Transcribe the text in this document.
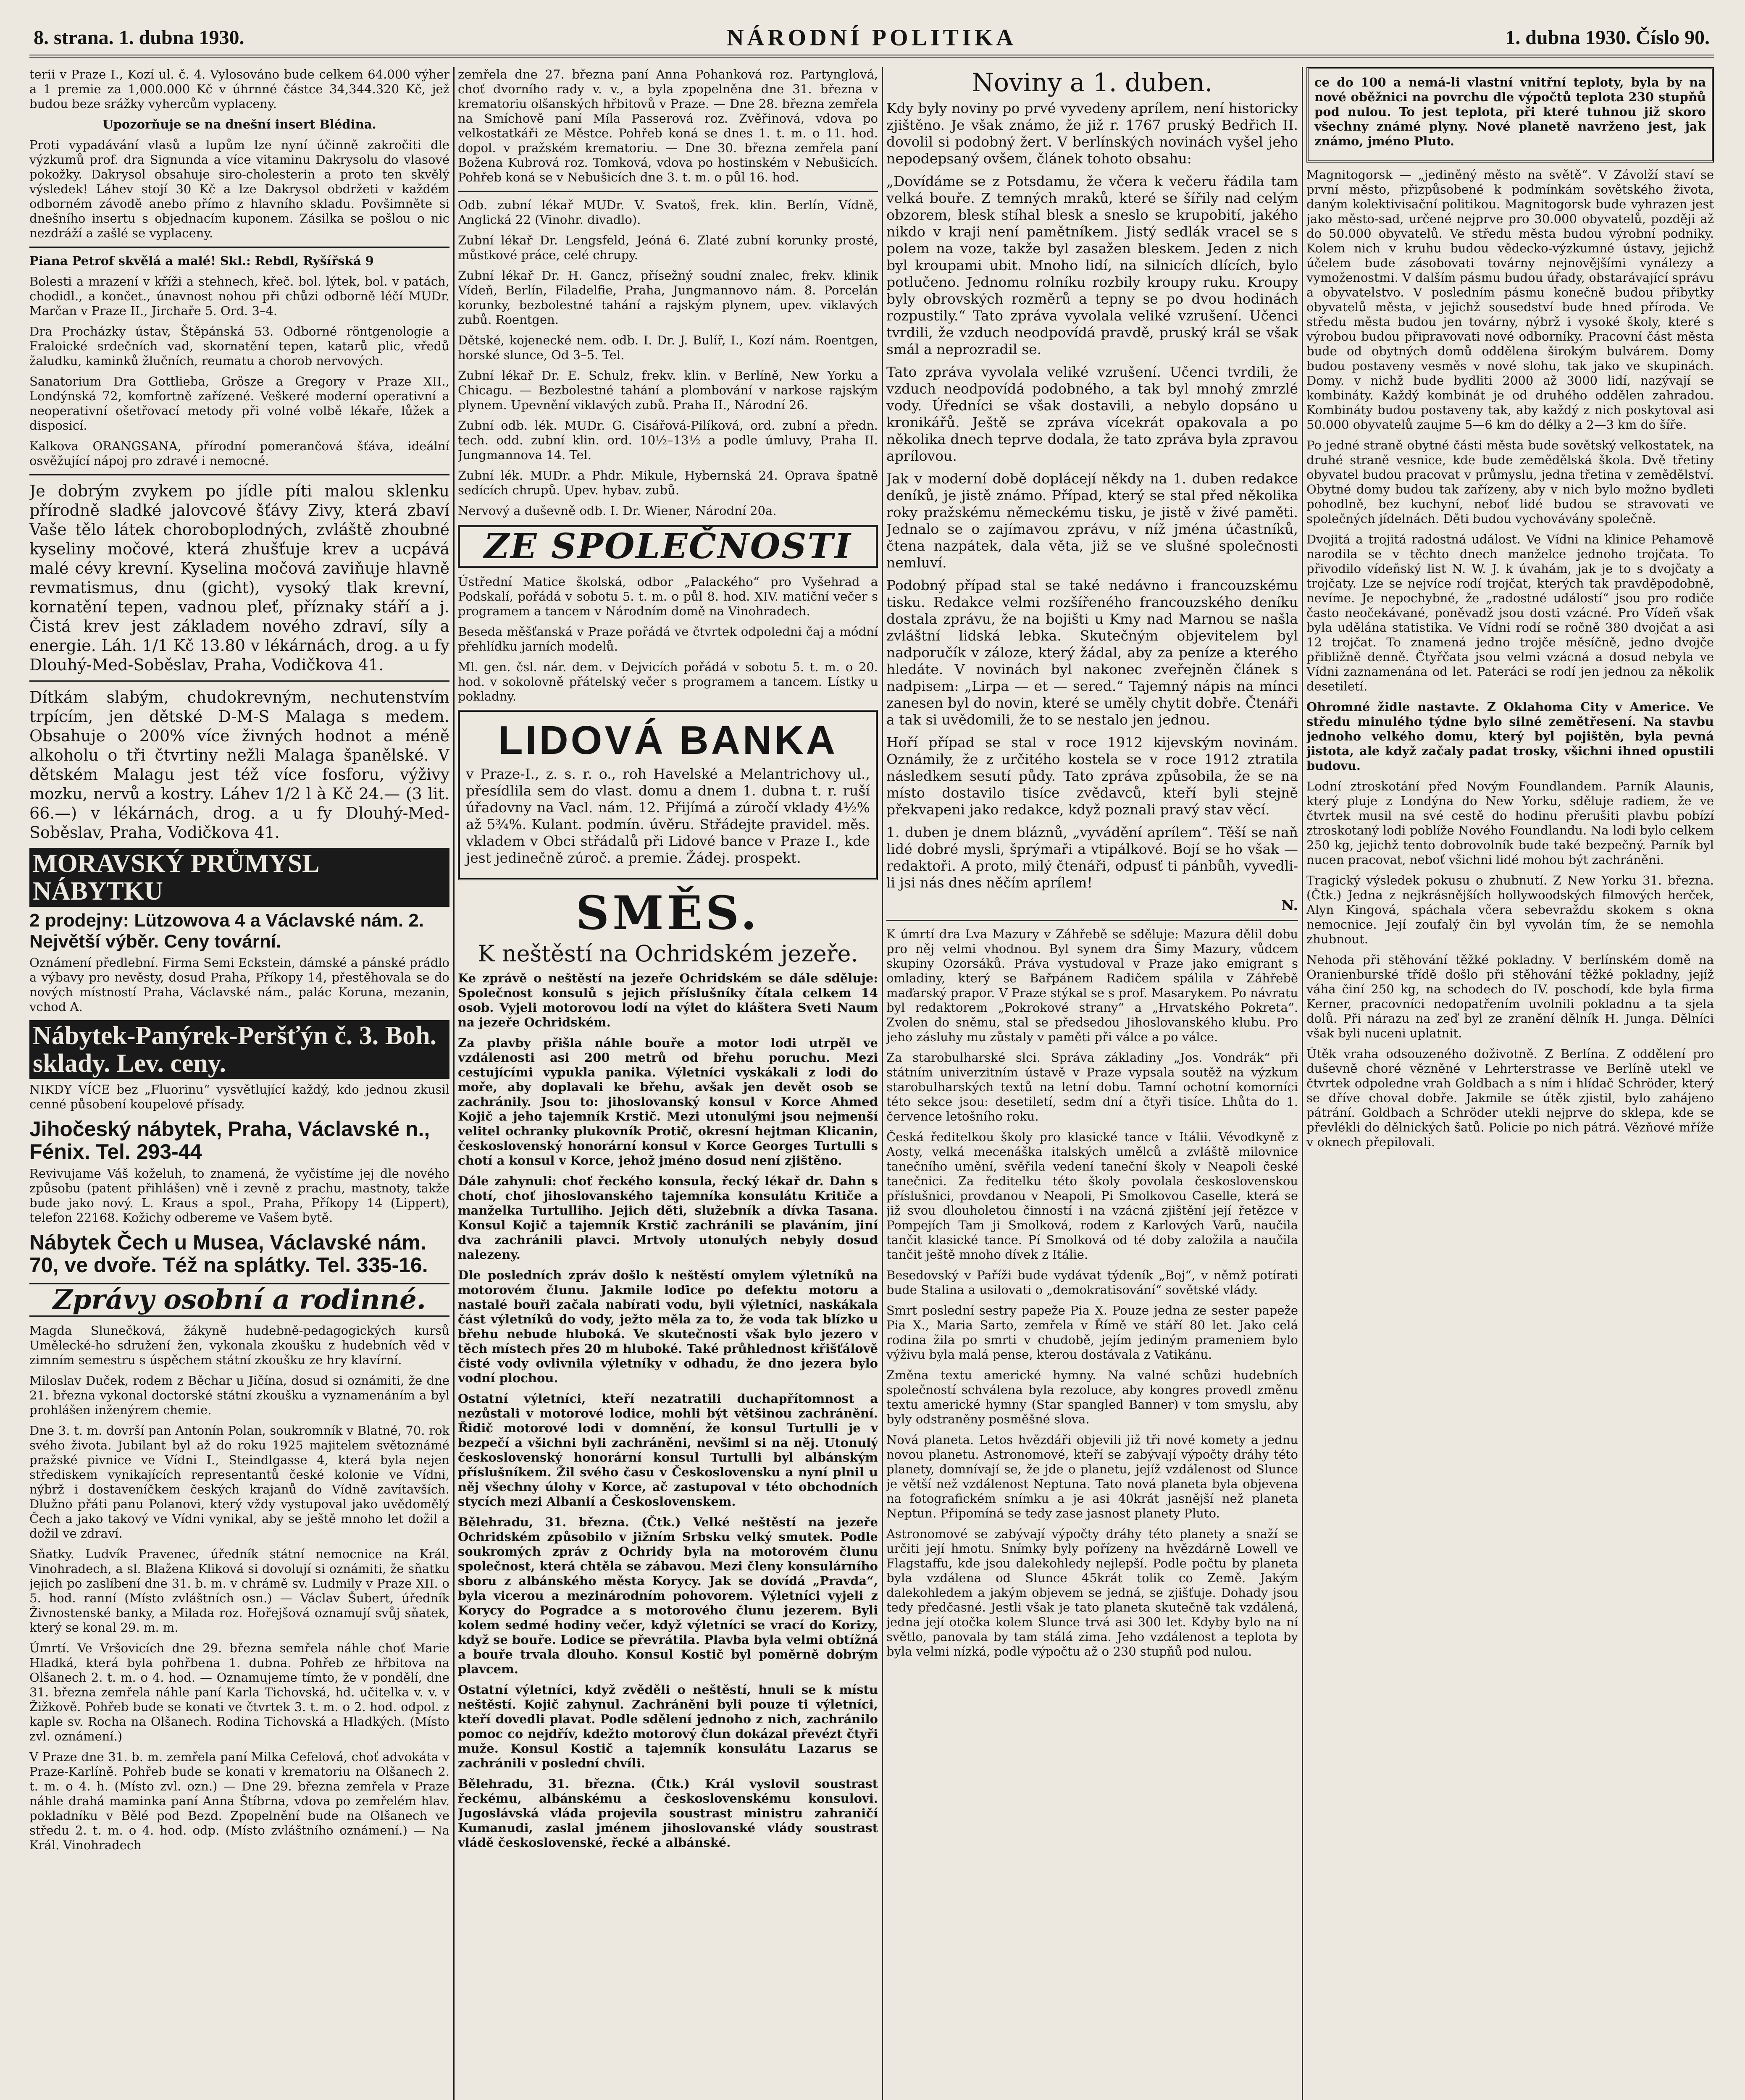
8. strana. 1. dubna 1930.	NÁRODNÍ POLITIKA	1. dubna 1930. Číslo 90.

terii v Praze I., Kozí ul. č. 4. Vylosováno bude celkem 64.000 výher a 1 premie za 1,000.000 Kč v úhrnné částce 34,344.320 Kč, jež budou beze srážky vyhercům vyplaceny.

Upozorňuje se na dnešní insert Blédina.

Proti vypadávání vlasů a lupům lze nyní účinně zakročiti dle výzkumů prof. dra Signunda a více vitaminu Dakrysolu do vlasové pokožky. Dakrysol obsahuje siro-cholesterin a proto ten skvělý výsledek! Láhev stojí 30 Kč a lze Dakrysol obdržeti v každém odborném závodě anebo přímo z hlavního skladu. Povšimněte si dnešního insertu s objednacím kuponem. Zásilka se pošlou o nic nezdráží a zašlé se vyplaceny.

Piana Petrof skvělá a malé! Skl.: Rebdl, Ryšířská 9

Bolesti a mrazení v kříži a stehnech, křeč. bol. lýtek, bol. v patách, chodidl., a končet., únavnost nohou při chůzi odborně léčí MUDr. Marčan v Praze II., Jirchaře 5. Ord. 3–4.

Dra Procházky ústav, Štěpánská 53. Odborné röntgenologie a Fraloické srdečních vad, skornatění tepen, katarů plic, vředů žaludku, kaminků žlučních, reumatu a chorob nervových.

Sanatorium Dra Gottlieba, Grösze a Gregory v Praze XII., Londýnská 72, komfortně zařízené. Veškeré moderní operativní a neoperativní ošetřovací metody při volné volbě lékaře, lůžek a disposicí.

Kalkova ORANGSANA, přírodní pomerančová šťáva, ideální osvěžující nápoj pro zdravé i nemocné.

Je dobrým zvykem po jídle píti malou sklenku přírodně sladké jalovcové šťávy Zivy, která zbaví Vaše tělo látek choroboplodných, zvláště zhoubné kyseliny močové, která zhušťuje krev a ucpává malé cévy krevní. Kyselina močová zaviňuje hlavně revmatismus, dnu (gicht), vysoký tlak krevní, kornatění tepen, vadnou pleť, příznaky stáří a j. Čistá krev jest základem nového zdraví, síly a energie. Láh. 1/1 Kč 13.80 v lékárnách, drog. a u fy Dlouhý-Med-Soběslav, Praha, Vodičkova 41.

Dítkám slabým, chudokrevným, nechutenstvím trpícím, jen dětské D-M-S Malaga s medem. Obsahuje o 200% více živných hodnot a méně alkoholu o tři čtvrtiny nežli Malaga španělské. V dětském Malagu jest též více fosforu, výživy mozku, nervů a kostry. Láhev 1/2 l à Kč 24.— (3 lit. 66.—) v lékárnách, drog. a u fy Dlouhý-Med-Soběslav, Praha, Vodičkova 41.

MORAVSKÝ PRŮMYSL NÁBYTKU
2 prodejny: Lützowova 4 a Václavské nám. 2. Největší výběr. Ceny tovární.

Oznámení předlební. Firma Semi Eckstein, dámské a pánské prádlo a výbavy pro nevěsty, dosud Praha, Příkopy 14, přestěhovala se do nových místností Praha, Václavské nám., palác Koruna, mezanin, vchod A.

Nábytek-Panýrek-Peršťýn č. 3. Boh. sklady. Lev. ceny.

NIKDY VÍCE bez „Fluorinu“ vysvětlující každý, kdo jednou zkusil cenné působení koupelové přísady.

Jihočeský nábytek, Praha, Václavské n., Fénix. Tel. 293-44

Revivujame Váš koželuh, to znamená, že vyčistíme jej dle nového způsobu (patent přihlášen) vně i zevně z prachu, mastnoty, takže bude jako nový. L. Kraus a spol., Praha, Příkopy 14 (Lippert), telefon 22168. Kožichy odbereme ve Vašem bytě.

Nábytek Čech u Musea, Václavské nám. 70, ve dvoře. Též na splátky. Tel. 335-16.
Zprávy osobní a rodinné.

Magda Slunečková, žákyně hudebně-pedagogických kursů Umělecké-ho sdružení žen, vykonala zkoušku z hudebních věd v zimním semestru s úspěchem státní zkoušku ze hry klavírní.

Miloslav Duček, rodem z Běchar u Jičína, dosud si oznámiti, že dne 21. března vykonal doctorské státní zkoušku a vyznamenáním a byl prohlášen inženýrem chemie.

Dne 3. t. m. dovrší pan Antonín Polan, soukromník v Blatné, 70. rok svého života. Jubilant byl až do roku 1925 majitelem světoznámé pražské pivnice ve Vídni I., Steindlgasse 4, která byla nejen střediskem vynikajících representantů české kolonie ve Vídni, nýbrž i dostaveníčkem českých krajanů do Vídně zavítavších. Dlužno přáti panu Polanovi, který vždy vystupoval jako uvědomělý Čech a jako takový ve Vídni vynikal, aby se ještě mnoho let dožil a dožil ve zdraví.

Sňatky. Ludvík Praveneс, úředník státní nemocnice na Král. Vinohradech, a sl. Blažena Kliková si dovolují si oznámiti, že sňatku jejich po zaslíbení dne 31. b. m. v chrámě sv. Ludmily v Praze XII. o 5. hod. ranní (Místo zvláštních osn.) — Václav Šubert, úředník Živnostenské banky, a Milada roz. Hořejšová oznamují svůj sňatek, který se konal 29. m. m.

Úmrtí. Ve Vršovicích dne 29. března semřela náhle choť Marie Hladká, která byla pohřbena 1. dubna. Pohřeb ze hřbitova na Olšanech 2. t. m. o 4. hod. — Oznamujeme tímto, že v pondělí, dne 31. března zemřela náhle paní Karla Tichovská, hd. učitelka v. v. v Žižkově. Pohřeb bude se konati ve čtvrtek 3. t. m. o 2. hod. odpol. z kaple sv. Rocha na Olšanech. Rodina Tichovská a Hladkých. (Místo zvl. oznámení.)

V Praze dne 31. b. m. zemřela paní Milka Cefelová, choť advokáta v Praze-Karlíně. Pohřeb bude se konati v krematoriu na Olšanech 2. t. m. o 4. h. (Místo zvl. ozn.) — Dne 29. března zemřela v Praze náhle drahá maminka paní Anna Štíbrna, vdova po zemřelém hlav. pokladníku v Bělé pod Bezd. Zpopelnění bude na Olšanech ve středu 2. t. m. o 4. hod. odp. (Místo zvláštního oznámení.) — Na Král. Vinohradech

zemřela dne 27. března paní Anna Pohanková roz. Partynglová, choť dvorního rady v. v., a byla zpopelněna dne 31. března v krematoriu olšanských hřbitovů v Praze. — Dne 28. března zemřela na Smíchově paní Míla Passerová roz. Zvěřinová, vdova po velkostatkáři ze Městce. Pohřeb koná se dnes 1. t. m. o 11. hod. dopol. v pražském krematoriu. — Dne 30. března zemřela paní Božena Kubrová roz. Tomková, vdova po hostinském v Nebušicích. Pohřeb koná se v Nebušicích dne 3. t. m. o půl 16. hod.

Odb. zubní lékař MUDr. V. Svatoš, frek. klin. Berlín, Vídně, Anglická 22 (Vinohr. divadlo).

Zubní lékař Dr. Lengsfeld, Jeóná 6. Zlaté zubní korunky prosté, můstkové práce, celé chrupy.

Zubní lékař Dr. H. Gancz, přísežný soudní znalec, frekv. klinik Vídeň, Berlín, Filadelfie, Praha, Jungmannovo nám. 8. Porcelán korunky, bezbolestné tahání a rajským plynem, upev. viklavých zubů. Roentgen.

Dětské, kojenecké nem. odb. I. Dr. J. Bulíř, I., Kozí nám. Roentgen, horské slunce, Od 3–5. Tel.

Zubní lékař Dr. E. Schulz, frekv. klin. v Berlíně, New Yorku a Chicagu. — Bezbolestné tahání a plombování v narkose rajským plynem. Upevnění viklavých zubů. Praha II., Národní 26.

Zubní odb. lék. MUDr. G. Cisářová-Pilíková, ord. zubní a předn. tech. odd. zubní klin. ord. 10½–13½ a podle úmluvy, Praha II. Jungmannova 14. Tel.

Zubní lék. MUDr. a Phdr. Mikule, Hybernská 24. Oprava špatně sedících chrupů. Upev. hybav. zubů.

Nervový a duševně odb. I. Dr. Wiener, Národní 20a.

ZE SPOLEČNOSTI

Ústřední Matice školská, odbor „Palackého“ pro Vyšehrad a Podskalí, pořádá v sobotu 5. t. m. o půl 8. hod. XIV. matiční večer s programem a tancem v Národním domě na Vinohradech.

Beseda měšťanská v Praze pořádá ve čtvrtek odpoledni čaj a módní přehlídku jarních modelů.

Ml. gen. čsl. nár. dem. v Dejvicích pořádá v sobotu 5. t. m. o 20. hod. v sokolovně přátelský večer s programem a tancem. Lístky u pokladny.

LIDOVÁ BANKA

v Praze-I., z. s. r. o., roh Havelské a Melantrichovy ul., přesídlila sem do vlast. domu a dnem 1. dubna t. r. ruší úřadovny na Vacl. nám. 12. Přijímá a zúročí vklady 4½% až 5¾%. Kulant. podmín. úvěru. Střádejte pravidel. měs. vkladem v Obci střádalů při Lidové bance v Praze I., kde jest jedinečně zúroč. a premie. Žádej. prospekt.

SMĚS.
K neštěstí na Ochridském jezeře.

Ke zprávě o neštěstí na jezeře Ochridském se dále sděluje: Společnost konsulů s jejich příslušníky čítala celkem 14 osob. Vyjeli motorovou lodí na výlet do kláštera Sveti Naum na jezeře Ochridském.

Za plavby přišla náhle bouře a motor lodi utrpěl ve vzdálenosti asi 200 metrů od břehu poruchu. Mezi cestujícími vypukla panika. Výletníci vyskákali z lodi do moře, aby doplavali ke břehu, avšak jen devět osob se zachránily. Jsou to: jihoslovanský konsul v Korce Ahmed Kojič a jeho tajemník Krstič. Mezi utonulými jsou nejmenší velitel ochranky plukovník Protič, okresní hejtman Klicanin, československý honorární konsul v Korce Georges Turtulli s chotí a konsul v Korce, jehož jméno dosud není zjištěno.

Dále zahynuli: choť řeckého konsula, řecký lékař dr. Dahn s chotí, choť jihoslovanského tajemníka konsulátu Kritiče a manželka Turtulliho. Jejich děti, služebník a dívka Tasana. Konsul Kojič a tajemník Krstič zachránili se plaváním, jiní dva zachránili plavci. Mrtvoly utonulých nebyly dosud nalezeny.

Dle posledních zpráv došlo k neštěstí omylem výletníků na motorovém člunu. Jakmile loďice po defektu motoru a nastalé bouři začala nabírati vodu, byli výletníci, naskákala část výletníků do vody, ježto měla za to, že voda tak blízko u břehu nebude hluboká. Ve skutečnosti však bylo jezero v těch místech přes 20 m hluboké. Také průhlednost křišťálově čisté vody ovlivnila výletníky v odhadu, že dno jezera bylo vodní plochou.

Ostatní výletníci, kteří nezatratili duchapřítomnost a nezůstali v motorové lodice, mohli být většinou zachránění. Řidič motorové lodi v domnění, že konsul Turtulli je v bezpečí a všichni byli zachráněni, nevšiml si na něj. Utonulý československý honorární konsul Turtulli byl albánským příslušníkem. Žil svého času v Československu a nyní plnil u něj všechny úlohy v Korce, ač zastupoval v této obchodních stycích mezi Albanií a Československem.

Bělehradu, 31. března. (Čtk.) Velké neštěstí na jezeře Ochridském způsobilo v jižním Srbsku velký smutek. Podle soukromých zpráv z Ochridy byla na motorovém člunu společnost, která chtěla se zábavou. Mezi členy konsulárního sboru z albánského města Korycy. Jak se dovídá „Pravda“, byla vicerou a mezinárodním pohovorem. Výletníci vyjeli z Korycy do Pogradce a s motorového člunu jezerem. Byli kolem sedmé hodiny večer, když výletníci se vrací do Korizy, když se bouře. Lodice se převrátila. Plavba byla velmi obtížná a bouře trvala dlouho. Konsul Kostič byl poměrně dobrým plavcem.

Ostatní výletníci, když zvěděli o neštěstí, hnuli se k místu neštěstí. Kojič zahynul. Zachráněni byli pouze ti výletníci, kteří dovedli plavat. Podle sdělení jednoho z nich, zachránilo pomoc co nejdřív, kdežto motorový člun dokázal převézt čtyři muže. Konsul Kostič a tajemník konsulátu Lazarus se zachránili v poslední chvíli.

Bělehradu, 31. března. (Čtk.) Král vyslovil soustrast řeckému, albánskému a československému konsulovi. Jugoslávská vláda projevila soustrast ministru zahraničí Kumanudi, zaslal jménem jihoslovanské vlády soustrast vládě československé, řecké a albánské.

Noviny a 1. duben.

Kdy byly noviny po prvé vyvedeny aprílem, není historicky zjištěno. Je však známo, že již r. 1767 pruský Bedřich II. dovolil si podobný žert. V berlínských novinách vyšel jeho nepodepsaný ovšem, článek tohoto obsahu:

„Dovídáme se z Potsdamu, že včera k večeru řádila tam velká bouře. Z temných mraků, které se šířily nad celým obzorem, blesk stíhal blesk a sneslo se krupobití, jakého nikdo v kraji není pamětníkem. Jistý sedlák vracel se s polem na voze, takže byl zasažen bleskem. Jeden z nich byl kroupami ubit. Mnoho lidí, na silnicích dlících, bylo potlučeno. Jednomu rolníku rozbily kroupy ruku. Kroupy byly obrovských rozměrů a tepny se po dvou hodinách rozpustily.“ Tato zpráva vyvolala veliké vzrušení. Učenci tvrdili, že vzduch neodpovídá pravdě, pruský král se však smál a neprozradil se.

Tato zpráva vyvolala veliké vzrušení. Učenci tvrdili, že vzduch neodpovídá podobného, a tak byl mnohý zmrzlé vody. Úředníci se však dostavili, a nebylo dopsáno u kronikářů. Ještě se zpráva vícekrát opakovala a po několika dnech teprve dodala, že tato zpráva byla zpravou aprílovou.

Jak v moderní době doplácejí někdy na 1. duben redakce deníků, je jistě známo. Případ, který se stal před několika roky pražskému německému tisku, je jistě v živé paměti. Jednalo se o zajímavou zprávu, v níž jména účastníků, čtena nazpátek, dala věta, již se ve slušné společnosti nemluví.

Podobný případ stal se také nedávno i francouzskému tisku. Redakce velmi rozšířeného francouzského deníku dostala zprávu, že na bojišti u Kmy nad Marnou se našla zvláštní lidská lebka. Skutečným objevitelem byl nadporučík v záloze, který žádal, aby za peníze a kterého hledáte. V novinách byl nakonec zveřejněn článek s nadpisem: „Lirpa — et — sered.“ Tajemný nápis na mínci zanesen byl do novin, které se uměly chytit dobře. Čtenáři a tak si uvědomili, že to se nestalo jen jednou.

Hoří případ se stal v roce 1912 kijevským novinám. Oznámily, že z určitého kostela se v roce 1912 ztratila následkem sesutí půdy. Tato zpráva způsobila, že se na místo dostavilo tisíce zvědavců, kteří byli stejně překvapeni jako redakce, když poznali pravý stav věcí.

1. duben je dnem bláznů, „vyvádění aprílem“. Těší se naň lidé dobré mysli, šprýmaři a vtipálkové. Bojí se ho však — redaktoři. A proto, milý čtenáři, odpusť ti pánbůh, vyvedli-li jsi nás dnes něčím aprílem!

N.

K úmrtí dra Lva Mazury v Záhřebě se sděluje: Mazura dělil dobu pro něj velmi vhodnou. Byl synem dra Šimy Mazury, vůdcem skupiny Ozorsáků. Práva vystudoval v Praze jako emigrant s omladiny, který se Bařpánem Radičem spálila v Záhřebě maďarský prapor. V Praze stýkal se s prof. Masarykem. Po návratu byl redaktorem „Pokrokové strany“ a „Hrvatského Pokreta“. Zvolen do sněmu, stal se předsedou Jihoslovanského klubu. Pro jeho zásluhy mu zůstaly v paměti při válce a po válce.

Za starobulharské slci. Správa základiny „Jos. Vondrák“ při státním univerzitním ústavě v Praze vypsala soutěž na výzkum starobulharských textů na letní dobu. Tamní ochotní komorníci této sekce jsou: desetiletí, sedm dní a čtyři tisíce. Lhůta do 1. července letošního roku.

Česká ředitelkou školy pro klasické tance v Itálii. Vévodkyně z Aosty, velká mecenáška italských umělců a zvláště milovnice tanečního umění, svěřila vedení taneční školy v Neapoli české tanečnici. Za ředitelku této školy povolala československou příslušnici, provdanou v Neapoli, Pi Smolkovou Caselle, která se již svou dlouholetou činností i na vzácná zjištění její řetězce v Pompejích Tam ji Smolková, rodem z Karlových Varů, naučila tančit klasické tance. Pí Smolková od té doby založila a naučila tančit ještě mnoho dívek z Itálie.

Besedovský v Paříži bude vydávat týdeník „Boj“, v němž potírati bude Stalina a usilovati o „demokratisování“ sovětské vlády.

Smrt poslední sestry papeže Pia X. Pouze jedna ze sester papeže Pia X., Maria Sarto, zemřela v Římě ve stáří 80 let. Jako celá rodina žila po smrti v chudobě, jejím jediným prameniem bylo výživu byla malá pense, kterou dostávala z Vatikánu.

Změna textu americké hymny. Na valné schůzi hudebních společností schválena byla rezoluce, aby kongres provedl změnu textu americké hymny (Star spangled Banner) v tom smyslu, aby byly odstraněny posměšné slova.

Nová planeta. Letos hvězdáři objevili již tři nové komety a jednu novou planetu. Astronomové, kteří se zabývají výpočty dráhy této planety, domnívají se, že jde o planetu, jejíž vzdálenost od Slunce je větší než vzdálenost Neptuna. Tato nová planeta byla objevena na fotografickém snímku a je asi 40krát jasnější než planeta Neptun. Připomíná se tedy zase jasnost planety Pluto.

Astronomové se zabývají výpočty dráhy této planety a snaží se určiti její hmotu. Snímky byly pořízeny na hvězdárně Lowell ve Flagstaffu, kde jsou dalekohledy nejlepší. Podle počtu by planeta byla vzdálena od Slunce 45krát tolik co Země. Jakým dalekohledem a jakým objevem se jedná, se zjišťuje. Dohady jsou tedy předčasné. Jestli však je tato planeta skutečně tak vzdálená, jedna její otočka kolem Slunce trvá asi 300 let. Kdyby bylo na ní světlo, panovala by tam stálá zima. Jeho vzdálenost a teplota by byla velmi nízká, podle výpočtu až o 230 stupňů pod nulou.

ce do 100 a nemá-li vlastní vnitřní teploty, byla by na nové oběžnici na povrchu dle výpočtů teplota 230 stupňů pod nulou. To jest teplota, při které tuhnou již skoro všechny známé plyny. Nové planetě navrženo jest, jak známo, jméno Pluto.

Magnitogorsk — „jediněný město na světě“. V Závolží staví se první město, přizpůsobené k podmínkám sovětského života, daným kolektivisační politikou. Magnitogorsk bude vyhrazen jest jako město-sad, určené nejprve pro 30.000 obyvatelů, později až do 50.000 obyvatelů. Ve středu města budou výrobní podniky. Kolem nich v kruhu budou vědecko-výzkumné ústavy, jejichž účelem bude zásobovati továrny nejnovějšími vynálezy a vymoženostmi. V dalším pásmu budou úřady, obstarávající správu a obyvatelstvo. V posledním pásmu konečně budou přibytky obyvatelů města, v jejichž sousedství bude hned příroda. Ve středu města budou jen továrny, nýbrž i vysoké školy, které s výrobou budou připravovati nové odborníky. Pracovní část města bude od obytných domů oddělena širokým bulvárem. Domy budou postaveny vesměs v nové slohu, tak jako ve skupinách. Domy. v nichž bude bydliti 2000 až 3000 lidí, nazývají se kombináty. Každý kombinát je od druhého oddělen zahradou. Kombináty budou postaveny tak, aby každý z nich poskytoval asi 50.000 obyvatelů zaujme 5—6 km do délky a 2—3 km do šíře.

Po jedné straně obytné části města bude sovětský velkostatek, na druhé straně vesnice, kde bude zemědělská škola. Dvě třetiny obyvatel budou pracovat v průmyslu, jedna třetina v zemědělství. Obytné domy budou tak zařízeny, aby v nich bylo možno bydleti pohodlně, bez kuchyní, neboť lidé budou se stravovati ve společných jídelnách. Děti budou vychovávány společně.

Dvojitá a trojitá radostná událost. Ve Vídni na klinice Pehamově narodila se v těchto dnech manželce jednoho trojčata. To přivodilo vídeňský list N. W. J. k úvahám, jak je to s dvojčaty a trojčaty. Lze se nejvíce rodí trojčat, kterých tak pravděpodobně, nevíme. Je nepochybné, že „radostné událostí“ jsou pro rodiče často neočekávané, poněvadž jsou dosti vzácné. Pro Vídeň však byla udělána statistika. Ve Vídni rodí se ročně 380 dvojčat a asi 12 trojčat. To znamená jedno trojče měsíčně, jedno dvojče přibližně denně. Čtyřčata jsou velmi vzácná a dosud nebyla ve Vídni zaznamenána od let. Pateráci se rodí jen jednou za několik desetiletí.

Ohromné židle nastavte. Z Oklahoma City v Americe. Ve středu minulého týdne bylo silné zemětřesení. Na stavbu jednoho velkého domu, který byl pojištěn, byla pevná jistota, ale když začaly padat trosky, všichni ihned opustili budovu.

Lodní ztroskotání před Novým Foundlandem. Parník Alaunis, který pluje z Londýna do New Yorku, sděluje radiem, že ve čtvrtek musil na své cestě do hodinu přerušiti plavbu pobízí ztroskotaný lodi poblíže Nového Foundlandu. Na lodi bylo celkem 250 kg, jejichž tento dobrovolník bude také bezpečný. Parník byl nucen pracovat, neboť všichni lidé mohou být zachráněni.

Tragický výsledek pokusu o zhubnutí. Z New Yorku 31. března. (Čtk.) Jedna z nejkrásnějších hollywoodských filmových herček, Alyn Kingová, spáchala včera sebevraždu skokem s okna nemocnice. Její zoufalý čin byl vyvolán tím, že se nemohla zhubnout.

Nehoda při stěhování těžké pokladny. V berlínském domě na Oranienburské třídě došlo při stěhování těžké pokladny, jejíž váha činí 250 kg, na schodech do IV. poschodí, kde byla firma Kerner, pracovníci nedopatřením uvolnili pokladnu a ta sjela dolů. Při nárazu na zeď byl ze zranění dělník H. Junga. Dělníci však byli nuceni uplatnit.

Útěk vraha odsouzeného doživotně. Z Berlína. Z oddělení pro duševně choré vězněné v Lehrterstrasse ve Berlíně utekl ve čtvrtek odpoledne vrah Goldbach a s ním i hlídač Schröder, který se dříve choval dobře. Jakmile se útěk zjistil, bylo zahájeno pátrání. Goldbach a Schröder utekli nejprve do sklepa, kde se převlékli do dělnických šatů. Policie po nich pátrá. Vězňové mříže v oknech přepilovali.
